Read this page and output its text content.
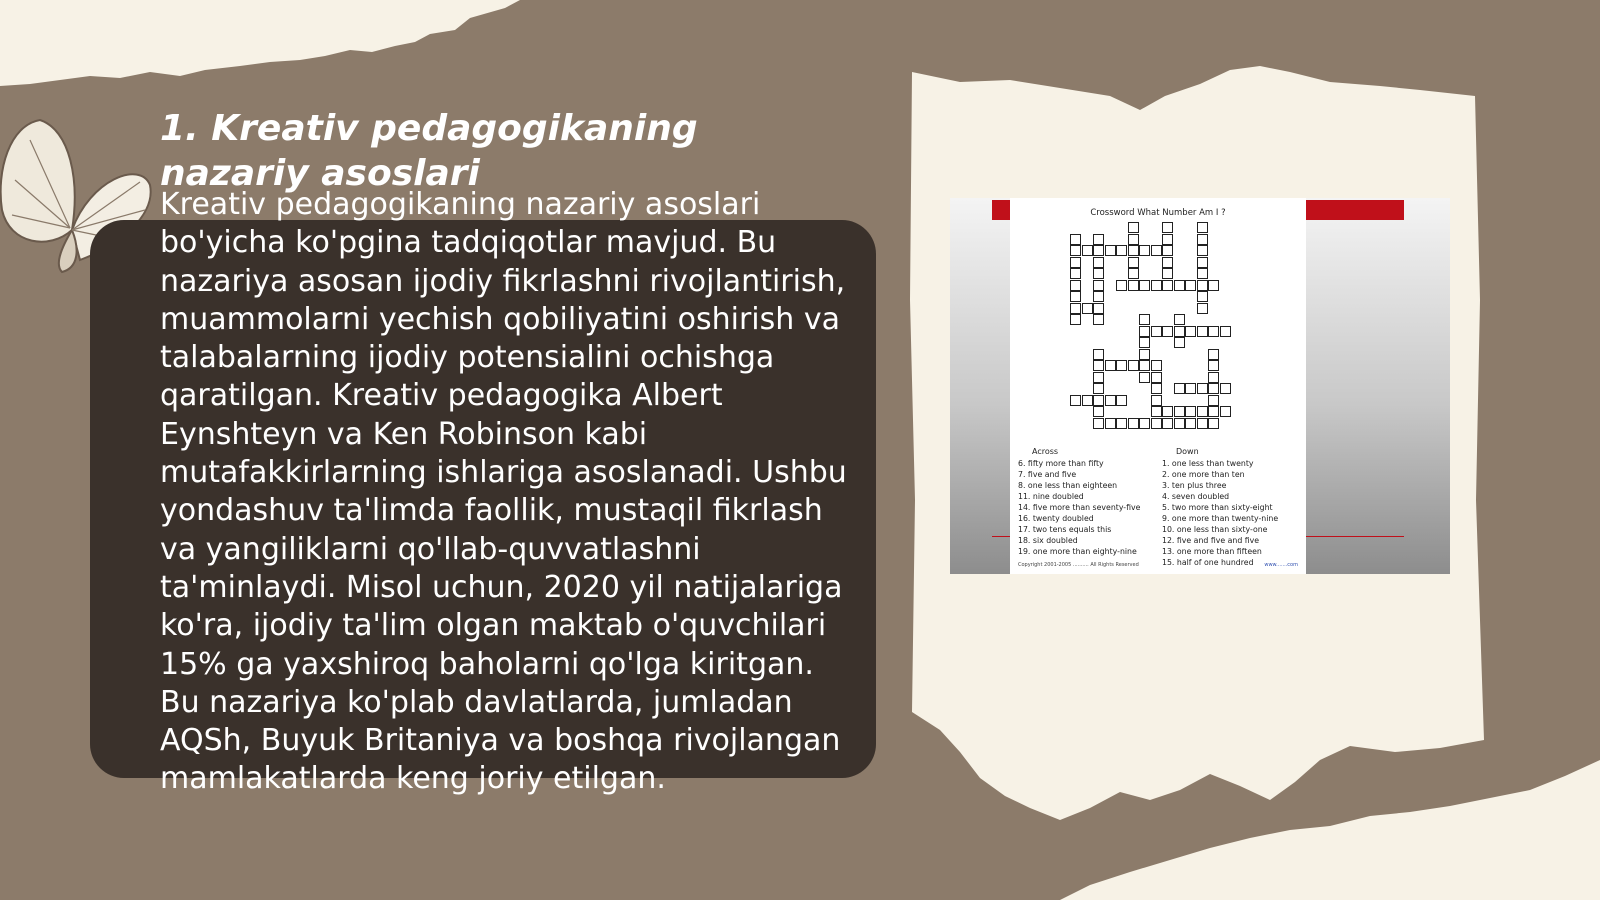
1. Kreativ pedagogikaning nazariy asoslari

Kreativ pedagogikaning nazariy asoslari bo'yicha ko'pgina tadqiqotlar mavjud. Bu nazariya asosan ijodiy fikrlashni rivojlantirish, muammolarni yechish qobiliyatini oshirish va talabalarning ijodiy potensialini ochishga qaratilgan. Kreativ pedagogika Albert Eynshteyn va Ken Robinson kabi mutafakkirlarning ishlariga asoslanadi. Ushbu yondashuv ta'limda faollik, mustaqil fikrlash va yangiliklarni qo'llab-quvvatlashni ta'minlaydi. Misol uchun, 2020 yil natijalariga ko'ra, ijodiy ta'lim olgan maktab o'quvchilari 15% ga yaxshiroq baholarni qo'lga kiritgan. Bu nazariya ko'plab davlatlarda, jumladan AQSh, Buyuk Britaniya va boshqa rivojlangan mamlakatlarda keng joriy etilgan.

Crossword What Number Am I ?
Across
6. fifty more than fifty
7. five and five
8. one less than eighteen
11. nine doubled
14. five more than seventy-five
16. twenty doubled
17. two tens equals this
18. six doubled
19. one more than eighty-nine
Down
1. one less than twenty
2. one more than ten
3. ten plus three
4. seven doubled
5. two more than sixty-eight
9. one more than twenty-nine
10. one less than sixty-one
12. five and five and five
13. one more than fifteen
15. half of one hundred
Copyright 2001-2005 .......... All Rights Reserved	www.......com
